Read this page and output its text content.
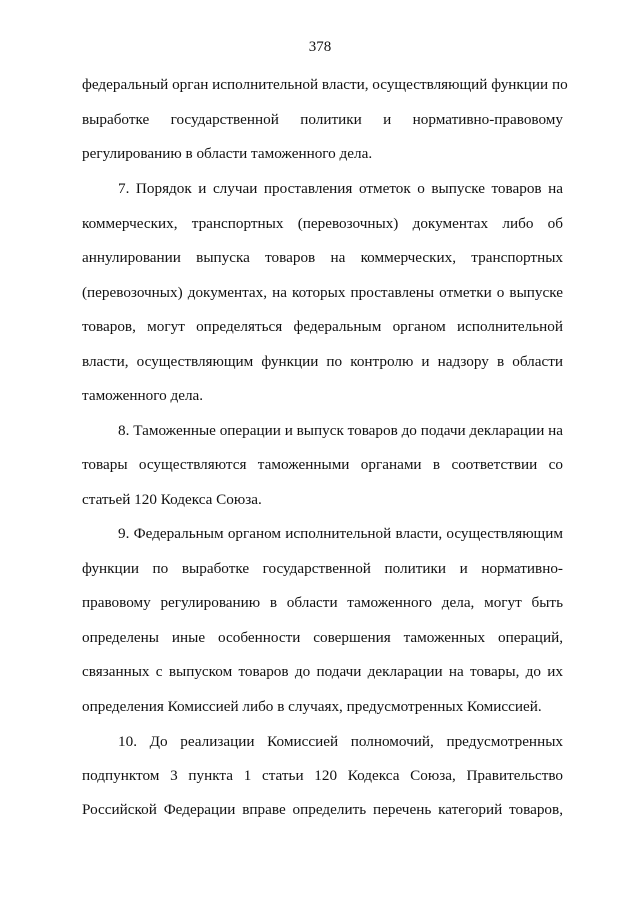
378
федеральный орган исполнительной власти, осуществляющий функции по
выработке государственной политики и нормативно-правовому
регулированию в области таможенного дела.
7. Порядок и случаи проставления отметок о выпуске товаров на
коммерческих, транспортных (перевозочных) документах либо об
аннулировании выпуска товаров на коммерческих, транспортных
(перевозочных) документах, на которых проставлены отметки о выпуске
товаров, могут определяться федеральным органом исполнительной
власти, осуществляющим функции по контролю и надзору в области
таможенного дела.
8. Таможенные операции и выпуск товаров до подачи декларации на
товары осуществляются таможенными органами в соответствии со
статьей 120 Кодекса Союза.
9. Федеральным органом исполнительной власти, осуществляющим
функции по выработке государственной политики и нормативно-
правовому регулированию в области таможенного дела, могут быть
определены иные особенности совершения таможенных операций,
связанных с выпуском товаров до подачи декларации на товары, до их
определения Комиссией либо в случаях, предусмотренных Комиссией.
10. До реализации Комиссией полномочий, предусмотренных
подпунктом 3 пункта 1 статьи 120 Кодекса Союза, Правительство
Российской Федерации вправе определить перечень категорий товаров,
